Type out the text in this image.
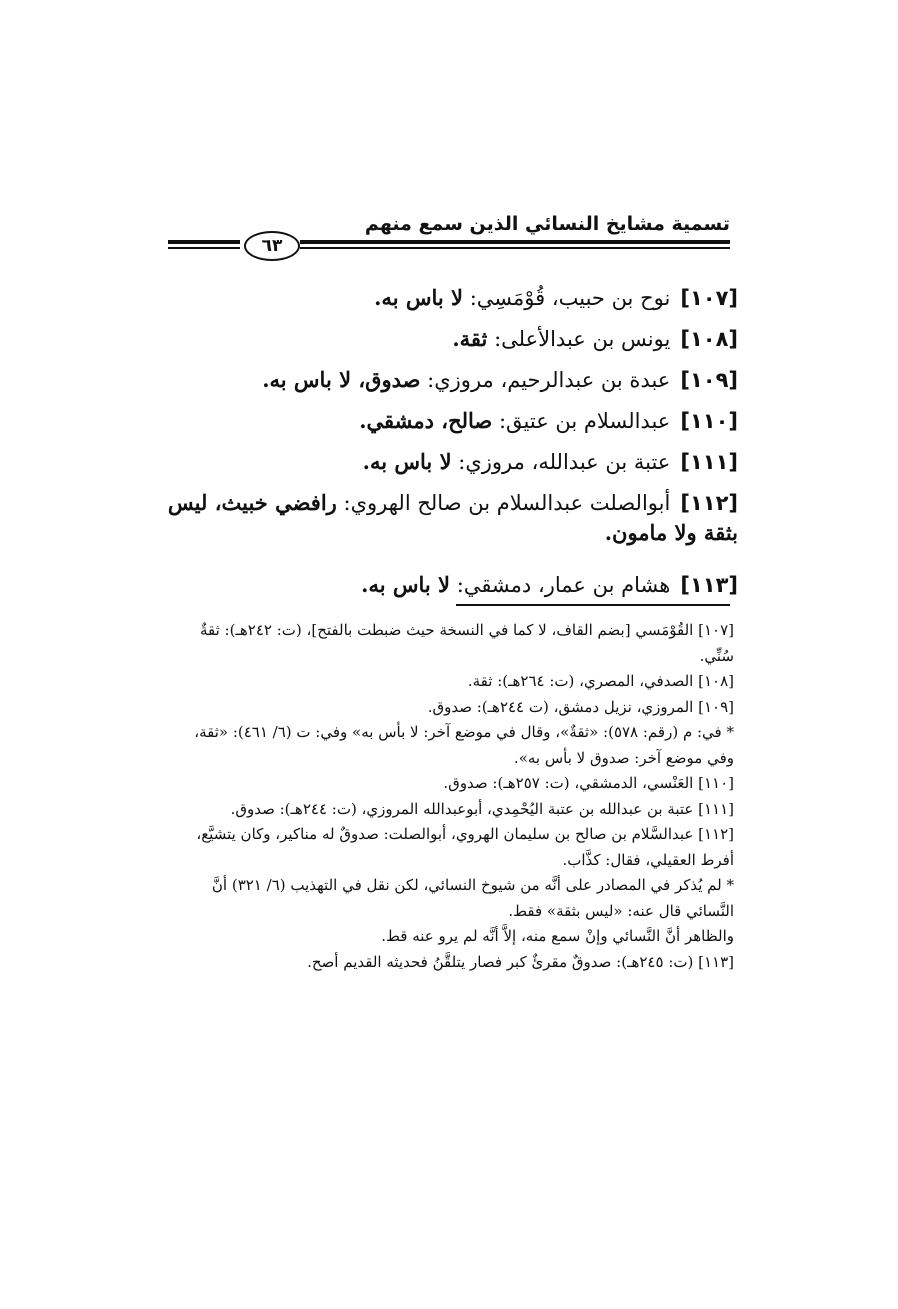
تسمية مشايخ النسائي الذين سمع منهم
٦٣
[١٠٧]نوح بن حبيب، قُوْمَسِي: لا باس به.
[١٠٨]يونس بن عبدالأعلى: ثقة.
[١٠٩]عبدة بن عبدالرحيم، مروزي: صدوق، لا باس به.
[١١٠]عبدالسلام بن عتيق: صالح، دمشقي.
[١١١]عتبة بن عبدالله، مروزي: لا باس به.
[١١٢]أبوالصلت عبدالسلام بن صالح الهروي: رافضي خبيث، ليس بثقة ولا مامون.
[١١٣]هشام بن عمار، دمشقي: لا باس به.
[١٠٧] القُوْمَسي [بضم القاف، لا كما في النسخة حيث ضبطت بالفتح]، (ت: ٢٤٢هـ): ثقةٌ سُنِّي.
[١٠٨] الصدفي، المصري، (ت: ٢٦٤هـ): ثقة.
[١٠٩] المروزي، نزيل دمشق، (ت ٢٤٤هـ): صدوق.
* في: م (رقم: ٥٧٨): «ثقةٌ»، وقال في موضع آخر: لا بأس به» وفي: ت (٦/ ٤٦١): «ثقة، وفي موضع آخر: صدوق لا بأس به».
[١١٠] العَنْسي، الدمشقي، (ت: ٢٥٧هـ): صدوق.
[١١١] عتبة بن عبدالله بن عتبة اليُحْمِدي، أبوعبدالله المروزي، (ت: ٢٤٤هـ): صدوق.
[١١٢] عبدالسَّلام بن صالح بن سليمان الهروي، أبوالصلت: صدوقٌ له مناكير، وكان يتشيَّع، أفرط العقيلي، فقال: كذَّاب.
* لم يُذكر في المصادر على أنَّه من شيوخ النسائي، لكن نقل في التهذيب (٦/ ٣٢١) أنَّ النَّسائي قال عنه: «ليس بثقة» فقط.
والظاهر أنَّ النَّسائي وإنْ سمع منه، إلاَّ أنَّه لم يرو عنه قط.
[١١٣] (ت: ٢٤٥هـ): صدوقٌ مقرئٌ كبر فصار يتلقَّنُ فحديثه القديم أصح.
